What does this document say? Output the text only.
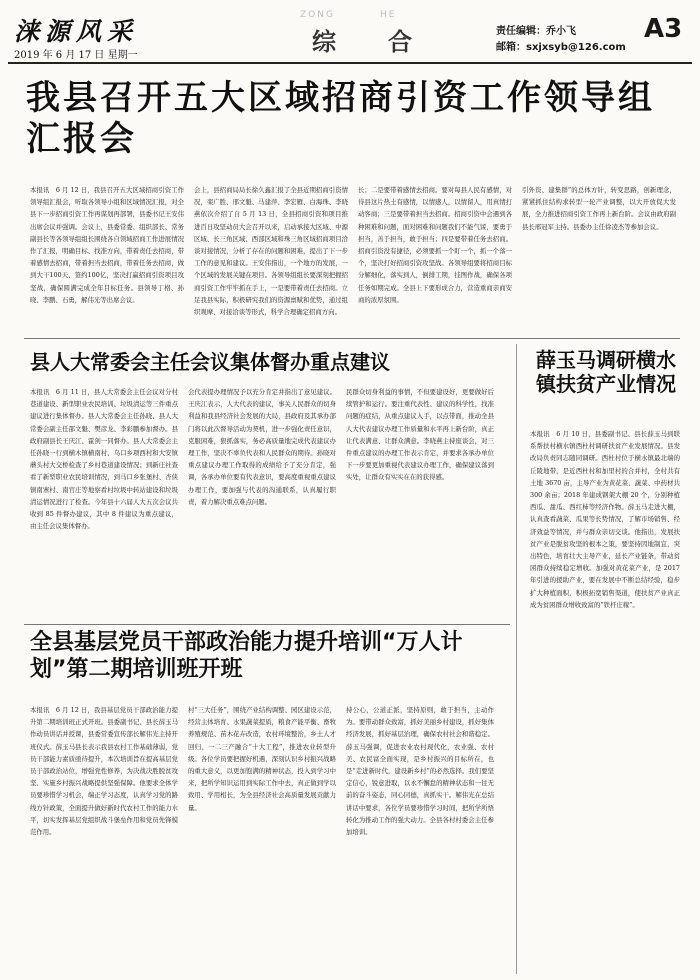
涞源风采
2019 年 6 月 17 日 星期一
ZONG	HE
综 合	责任编辑：乔小飞
邮箱：sxjxsyb@126.com
A3
我县召开五大区域招商引资工作领导组汇报会
本报讯　6 月 12 日，我县召开五大区域招商引资工作领导组汇报会，听取各领导小组和区域情况汇报，对全县下一步招商引资工作再谋划再部署，县委书记王安伟出席会议并强调。会议上，县委常委、组织部长、常务副县长等各领导组组长围绕各自领域招商工作进展情况作了汇报，明确目标、找准方向，带着责任去招商，带着感情去招商，带着担当去招商，带着任务去招商，做到大干100天、签约100亿，坚决打赢招商引资项目攻坚战，确保圆满完成全年目标任务。县领导丁格、孙晓、李鹏、石勇，解伟光等出席会议。
会上，县招商局局长徐久鑫汇报了全县近期招商引资情况，栾广胜、邢文魁、马建萍、李宏雁、白海珠、李晓燕依次介绍了自 5 月 13 日，全县招商引资和项目推进百日攻坚动员大会召开以来，启动承接大区域、中源区域、长三角区域、西部区域和珠三角区域招商项目洽谈对接情况，分析了存在的问题和困难，提出了下一步工作的意见和建议。王安伟指出，一个地方的发展，一个区域的发展关键在项目。各领导组组长要深刻把握招商引资工作牢牢抓在手上，一是要带着责任去招商。立足我县实际，积极研究我们的资源禀赋和优势，通过组织观摩、对接洽谈等形式，科学合理确定招商方向。
长；二是要带着感情去招商。要对每县人民有感情，对待县这片热土有感情，以情感人，以情留人，用真情打动客商；三是要带着担当去招商。招商引资中会遇到各种困难和问题，面对困难和问题我们不能气馁，要勇于担当，善于担当，敢于担当；四是要带着任务去招商。招商引资没有捷径，必须要抓一个盯一个，抓一个落一个，坚决打好招商引资攻坚战。各领导组要将招商目标分解细化，落实到人，倒排工期，挂图作战，确保各项任务如期完成。全县上下要形成合力，营造重商亲商安商的浓厚氛围。
引外资、建集群”的总体方针，转变思路，创新理念，紧紧抓住结构求转型一轮产业调整，以大开放促大发展，全力推进招商引资工作再上新台阶。会议由政府副县长邢冠军主持。县委办主任徐凌杰等参加会议。
县人大常委会主任会议集体督办重点建议
本报讯　6 月 11 日，县人大常委会主任会议对分村巷道建设、新型职业农民培训、垃圾清运等三件重点建议进行集体督办。县人大常委会主任孙晓、县人大常委会副主任邵文魁、樊彦龙、李彩鹏参加督办。县政府副县长王庆江、霍剑一同督办。县人大常委会主任孙晓一行到横木镇横南村、乌口乡项西村和大安镇蘑头村大交桥检查了乡村巷道建设情况；到新庄社查看了新型职业农民培训情况，到马口乡张堡村、杏侠镇南寨村、南官庄等地察看村垃圾中转站建设和垃圾清运情况进行了检查。今年县十六届人大五次会议共收到 85 件督办建议，其中 8 件建议为重点建议，由主任会议集体督办。
会代表提办理情况予以充分肯定并指出了意见建议。王庆江表示，人大代表的建议，事关人民群众的切身利益和我县经济社会发展的大局，县政府及其承办部门将以此次督导活动为契机，进一步强化责任意识，克服困难，狠抓落实，务必高质量地完成代表建议办理工作，坚决不辜负代表和人民群众的期待。孙晓对重点建议办理工作取得的成绩给予了充分肯定，强调，各承办单位要有代表意识，要高度重视重点建议办理工作，要加强与代表的沟通联系，认真履行职责，着力解决重点难点问题。
民群众切身利益的事情，不但要建设好，更要做好后续管护和运行。要注重代表性、建议的科学性，找准问题的症结，从重点建议入手，以点带面，推动全县人大代表建议办理工作质量和水平再上新台阶，真正让代表满意、让群众满意。李晓燕主持座谈会，对三件重点建议的办理工作表示肯定，并要求各承办单位下一步要更加重视代表建议办理工作，确保建议落到实处，让群众有实实在在的获得感。
全县基层党员干部政治能力提升培训“万人计划”第二期培训班开班
本报讯　6 月 12 日，我县基层党员干部政治能力提升第二期培训班正式开班。县委副书记、县长薛玉马作动员讲话并授课，县委常委宣传部长解伟光主持开班仪式。薛玉马县长表示我县农村工作基础薄弱，党员干部能力素质亟待提升，本次培训旨在提高基层党员干部政治站位，增强党性修养，为决战决胜脱贫攻坚、实施乡村振兴战略提供坚强保障。他要求全体学员要珍惜学习机会，端正学习态度，认真学习党的路线方针政策，全面提升做好新时代农村工作的能力水平，切实发挥基层党组织战斗堡垒作用和党员先锋模范作用。
村“三大任务”，围绕产业结构调整、园区建设示范，经营主体培育、水果蔬菜提质，粮食产能平衡、畜牧养殖规范、苗木花卉改造，农村环境整治，乡土人才回归、一二三产融合“十大工程”，推进农业转型升级。各位学员要把握好机遇，深刻认识乡村振兴战略的重大意义，以更加饱满的精神状态，投入到学习中来，把所学知识运用到实际工作中去，真正做到学以致用、学用相长，为全县经济社会高质量发展贡献力量。
持公心，公道正派，坚持原则，敢于担当，主动作为。要带动群众致富，抓好美丽乡村建设，抓好集体经济发展，抓好基层治理，确保农村社会和谐稳定。薛玉马强调，促进农业农村现代化，农业强、农村美、农民富全面实现，是乡村振兴的目标所在，也是“走进新时代，建设新乡村”的必然选择。我们要坚定信心，锐意进取，以永不懈怠的精神状态和一往无前的奋斗姿态，同心同德，真抓实干。解伟光在总结讲话中要求，各位学员要珍惜学习时间，把所学所悟转化为推动工作的强大动力。全县各村村委会主任参加培训。
薛玉马调研横水镇扶贫产业情况
本报讯　6 月 10 日，县委副书记、县长薛玉马到联系帮扶村横水镇西杜村调研扶贫产业发展情况。县发改局负责同志随同调研。西杜村位于横水镇最北端的丘陵地带，是近西杜村和加里村的合并村，全村共有土地 3670 亩，主导产业为黄花菜、蔬菜、中药材共 300 余亩；2018 年建成钢架大棚 20 个，分别种植西瓜、甜瓜、西红柿等经济作物。薛玉马走进大棚，认真查看蔬菜、瓜果等长势情况，了解市场销售、经济效益等情况，并与群众亲切交谈。他指出，发展扶贫产业是脱贫攻坚的根本之策，要坚持因地制宜，突出特色，培育壮大主导产业，延长产业链条，带动贫困群众持续稳定增收。加强对黄花菜产业，是 2017 年引进的援助产业，要在发展中不断总结经验，稳步扩大种植面积，积极拓宽销售渠道，使扶贫产业真正成为贫困群众增收致富的“铁杆庄稼”。
